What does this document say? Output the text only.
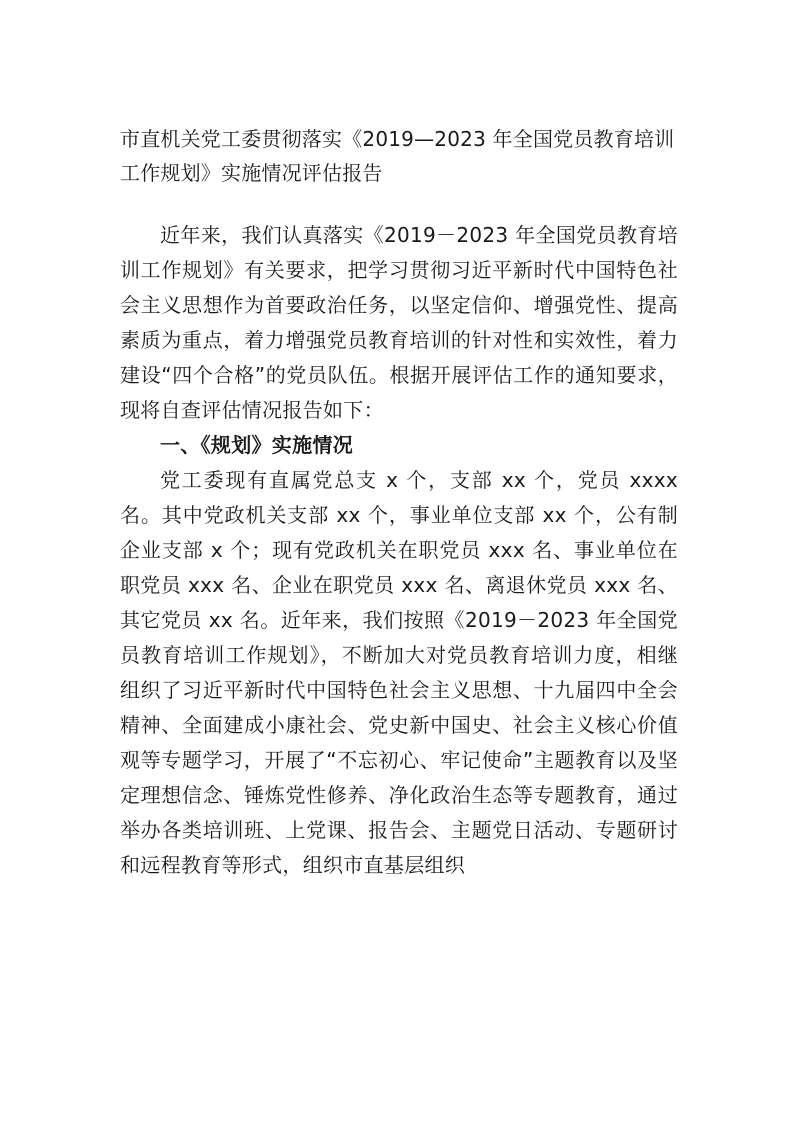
市直机关党工委贯彻落实《2019—2023 年全国党员教育培训工作规划》实施情况评估报告

近年来，我们认真落实《2019－2023 年全国党员教育培训工作规划》有关要求，把学习贯彻习近平新时代中国特色社会主义思想作为首要政治任务，以坚定信仰、增强党性、提高素质为重点，着力增强党员教育培训的针对性和实效性，着力建设“四个合格”的党员队伍。根据开展评估工作的通知要求，现将自查评估情况报告如下：

一、《规划》实施情况

党工委现有直属党总支 x 个，支部 xx 个，党员 xxxx 名。其中党政机关支部 xx 个，事业单位支部 xx 个，公有制企业支部 x 个；现有党政机关在职党员 xxx 名、事业单位在职党员 xxx 名、企业在职党员 xxx 名、离退休党员 xxx 名、其它党员 xx 名。近年来，我们按照《2019－2023 年全国党员教育培训工作规划》，不断加大对党员教育培训力度，相继组织了习近平新时代中国特色社会主义思想、十九届四中全会精神、全面建成小康社会、党史新中国史、社会主义核心价值观等专题学习，开展了“不忘初心、牢记使命”主题教育以及坚定理想信念、锤炼党性修养、净化政治生态等专题教育，通过举办各类培训班、上党课、报告会、主题党日活动、专题研讨和远程教育等形式，组织市直基层组织
